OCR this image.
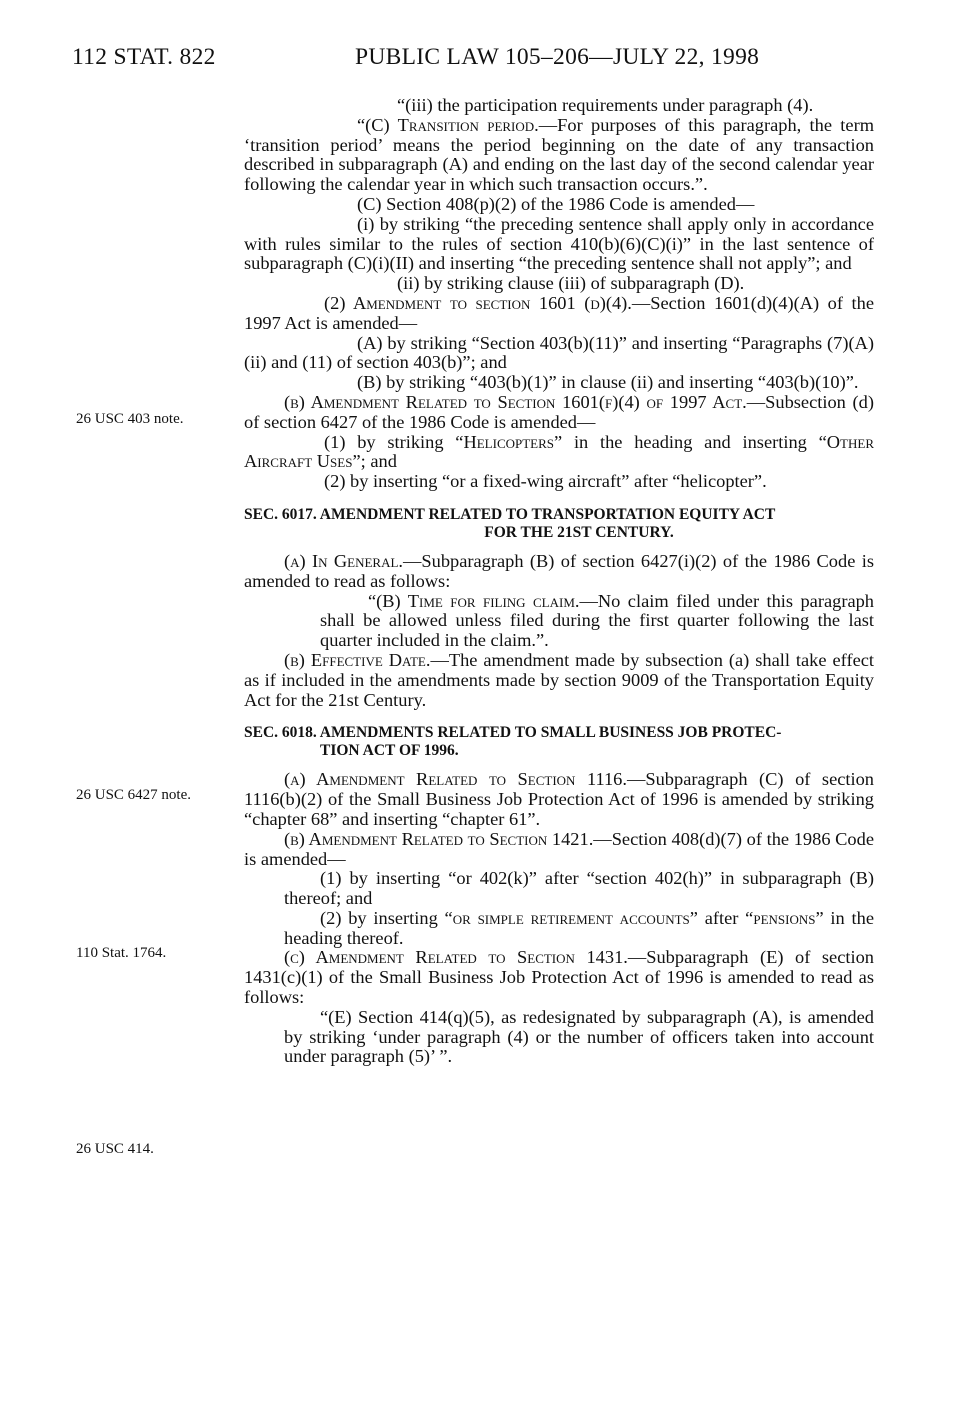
112 STAT. 822	PUBLIC LAW 105–206—JULY 22, 1998
26 USC 403 note.
26 USC 6427 note.
110 Stat. 1764.
26 USC 414.

“(iii) the participation requirements under paragraph (4).

“(C) Transition period.—For purposes of this paragraph, the term ‘transition period’ means the period beginning on the date of any transaction described in subparagraph (A) and ending on the last day of the second calendar year following the calendar year in which such transaction occurs.”.

(C) Section 408(p)(2) of the 1986 Code is amended—

(i) by striking “the preceding sentence shall apply only in accordance with rules similar to the rules of section 410(b)(6)(C)(i)” in the last sentence of subparagraph (C)(i)(II) and inserting “the preceding sentence shall not apply”; and

(ii) by striking clause (iii) of subparagraph (D).

(2) Amendment to section 1601 (d)(4).—Section 1601(d)(4)(A) of the 1997 Act is amended—

(A) by striking “Section 403(b)(11)” and inserting “Paragraphs (7)(A)(ii) and (11) of section 403(b)”; and

(B) by striking “403(b)(1)” in clause (ii) and inserting “403(b)(10)”.

(b) Amendment Related to Section 1601(f)(4) of 1997 Act.—Subsection (d) of section 6427 of the 1986 Code is amended—

(1) by striking “Helicopters” in the heading and inserting “Other Aircraft Uses”; and

(2) by inserting “or a fixed-wing aircraft” after “helicopter”.

SEC. 6017. AMENDMENT RELATED TO TRANSPORTATION EQUITY ACT
FOR THE 21ST CENTURY.

(a) In General.—Subparagraph (B) of section 6427(i)(2) of the 1986 Code is amended to read as follows:

“(B) Time for filing claim.—No claim filed under this paragraph shall be allowed unless filed during the first quarter following the last quarter included in the claim.”.

(b) Effective Date.—The amendment made by subsection (a) shall take effect as if included in the amendments made by section 9009 of the Transportation Equity Act for the 21st Century.

SEC. 6018. AMENDMENTS RELATED TO SMALL BUSINESS JOB PROTEC-
TION ACT OF 1996.

(a) Amendment Related to Section 1116.—Subparagraph (C) of section 1116(b)(2) of the Small Business Job Protection Act of 1996 is amended by striking “chapter 68” and inserting “chapter 61”.

(b) Amendment Related to Section 1421.—Section 408(d)(7) of the 1986 Code is amended—

(1) by inserting “or 402(k)” after “section 402(h)” in subparagraph (B) thereof; and

(2) by inserting “or simple retirement accounts” after “pensions” in the heading thereof.

(c) Amendment Related to Section 1431.—Subparagraph (E) of section 1431(c)(1) of the Small Business Job Protection Act of 1996 is amended to read as follows:

“(E) Section 414(q)(5), as redesignated by subparagraph (A), is amended by striking ‘under paragraph (4) or the number of officers taken into account under paragraph (5)’ ”.
